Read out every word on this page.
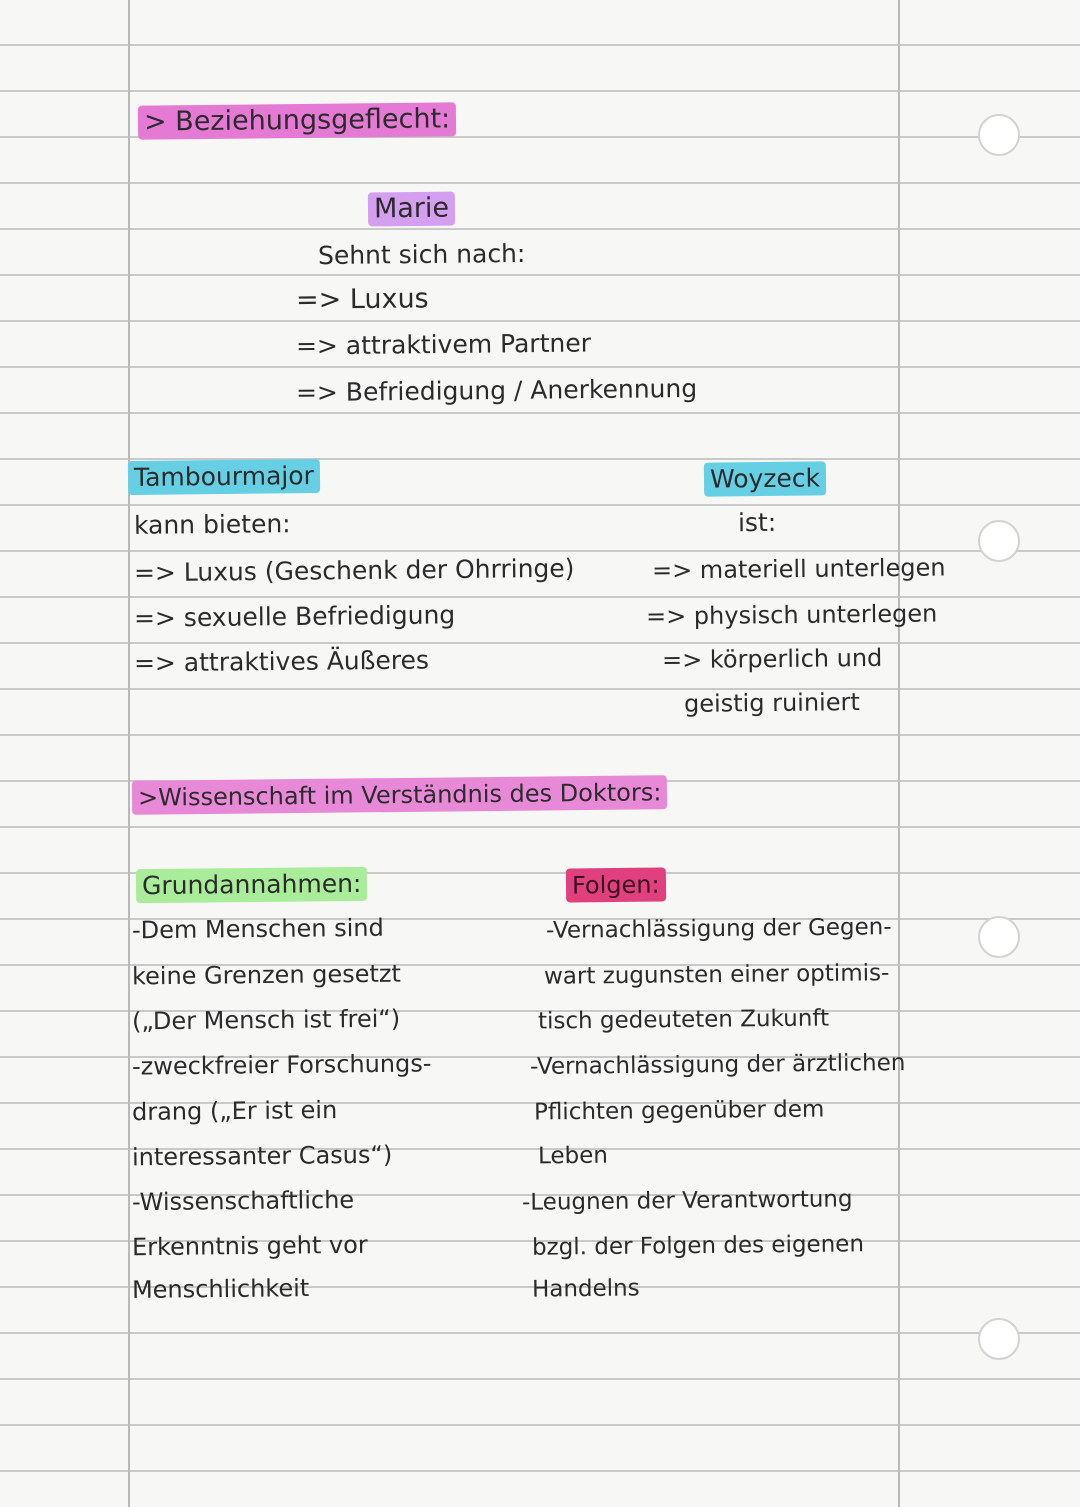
> Beziehungsgeflecht:
Marie
Sehnt sich nach:
=> Luxus
=> attraktivem Partner
=> Befriedigung / Anerkennung
Tambourmajor
kann bieten:
=> Luxus (Geschenk der Ohrringe)
=> sexuelle Befriedigung
=> attraktives Äußeres
Woyzeck
ist:
=> materiell unterlegen
=> physisch unterlegen
=> körperlich und
geistig ruiniert
>Wissenschaft im Verständnis des Doktors:
Grundannahmen:
-Dem Menschen sind
keine Grenzen gesetzt
(„Der Mensch ist frei“)
-zweckfreier Forschungs-
drang („Er ist ein
interessanter Casus“)
-Wissenschaftliche
Erkenntnis geht vor
Menschlichkeit
Folgen:
-Vernachlässigung der Gegen-
wart zugunsten einer optimis-
tisch gedeuteten Zukunft
-Vernachlässigung der ärztlichen
Pflichten gegenüber dem
Leben
-Leugnen der Verantwortung
bzgl. der Folgen des eigenen
Handelns
